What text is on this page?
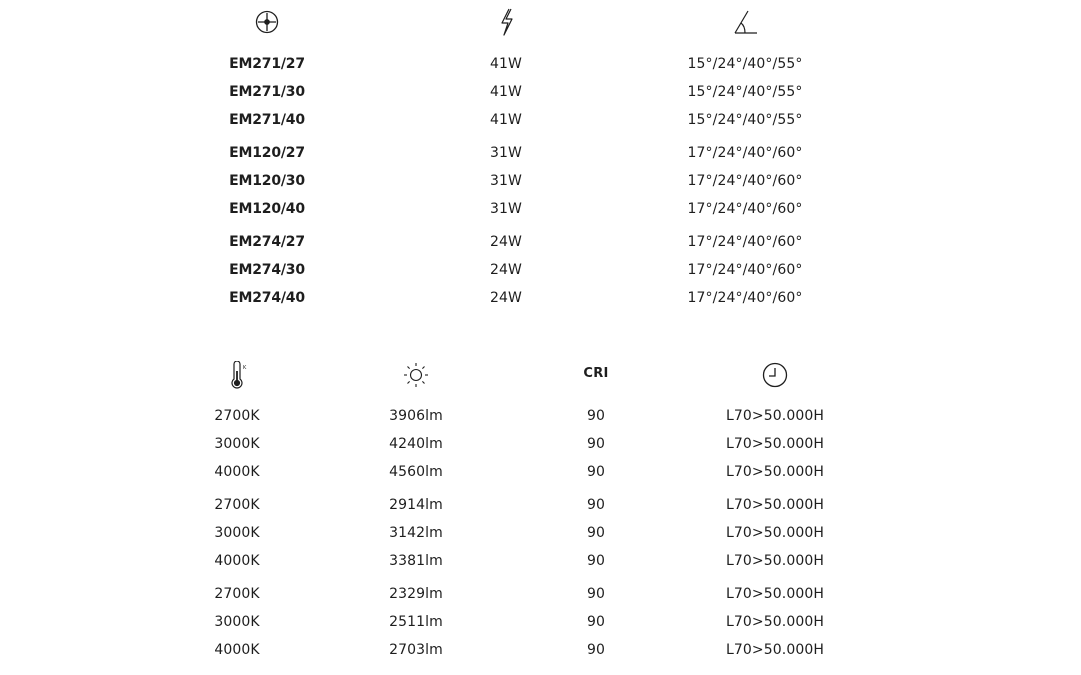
EM271/27	41W	15°/24°/40°/55°
EM271/30	41W	15°/24°/40°/55°
EM271/40	41W	15°/24°/40°/55°
EM120/27	31W	17°/24°/40°/60°
EM120/30	31W	17°/24°/40°/60°
EM120/40	31W	17°/24°/40°/60°
EM274/27	24W	17°/24°/40°/60°
EM274/30	24W	17°/24°/40°/60°
EM274/40	24W	17°/24°/40°/60°
K	CRI
2700K	3906lm	90	L70>50.000H
3000K	4240lm	90	L70>50.000H
4000K	4560lm	90	L70>50.000H
2700K	2914lm	90	L70>50.000H
3000K	3142lm	90	L70>50.000H
4000K	3381lm	90	L70>50.000H
2700K	2329lm	90	L70>50.000H
3000K	2511lm	90	L70>50.000H
4000K	2703lm	90	L70>50.000H
